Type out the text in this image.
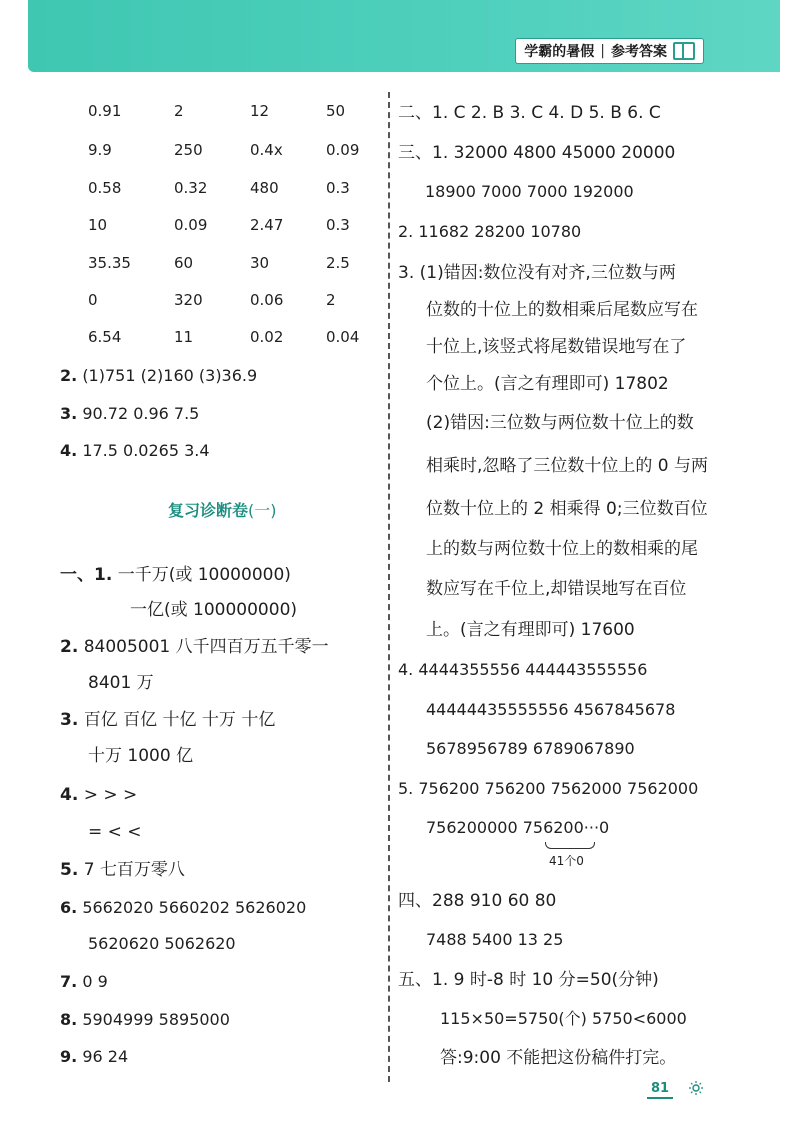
学霸的暑假 | 参考答案
0.91	2	12	50
9.9	250	0.4x	0.09
0.58	0.32	480	0.3
10	0.09	2.47	0.3
35.35	60	30	2.5
0	320	0.06	2
6.54	11	0.02	0.04
2. (1)751 (2)160 (3)36.9
3. 90.72 0.96 7.5
4. 17.5 0.0265 3.4
复习诊断卷(一)
一、1. 一千万(或 10000000)
一亿(或 100000000)
2. 84005001 八千四百万五千零一
8401 万
3. 百亿 百亿 十亿 十万 十亿
十万 1000 亿
4. > > >
= < <
5. 7 七百万零八
6. 5662020 5660202 5626020
5620620 5062620
7. 0 9
8. 5904999 5895000
9. 96 24
二、1. C 2. B 3. C 4. D 5. B 6. C
三、1. 32000 4800 45000 20000
18900 7000 7000 192000
2. 11682 28200 10780
3. (1)错因:数位没有对齐,三位数与两
位数的十位上的数相乘后尾数应写在
十位上,该竖式将尾数错误地写在了
个位上。(言之有理即可) 17802
(2)错因:三位数与两位数十位上的数
相乘时,忽略了三位数十位上的 0 与两
位数十位上的 2 相乘得 0;三位数百位
上的数与两位数十位上的数相乘的尾
数应写在千位上,却错误地写在百位
上。(言之有理即可) 17600
4. 4444355556 444443555556
44444435555556 4567845678
5678956789 6789067890
5. 756200 756200 7562000 7562000
756200000 756200···0
41个0
四、288 910 60 80
7488 5400 13 25
五、1. 9 时-8 时 10 分=50(分钟)
115×50=5750(个) 5750<6000
答:9:00 不能把这份稿件打完。
81
